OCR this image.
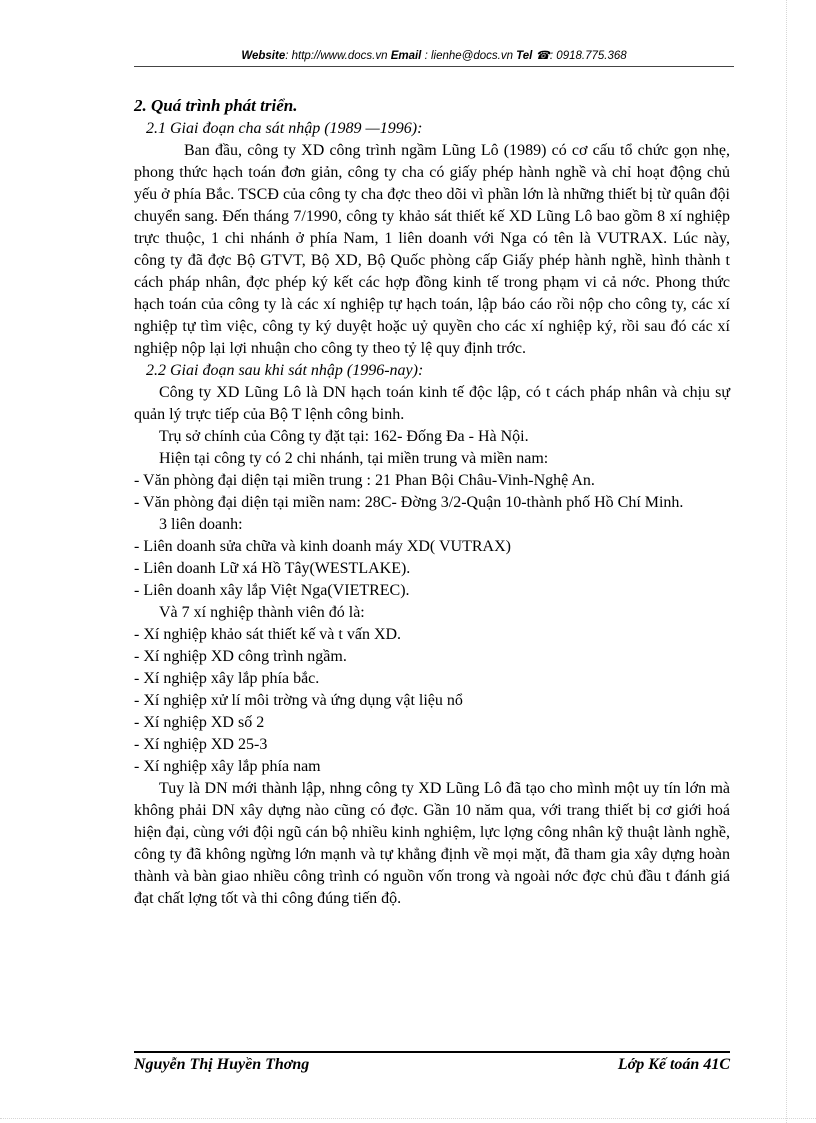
Website: http://www.docs.vn Email : lienhe@docs.vn Tel ☎: 0918.775.368

2. Quá trình phát triển.

2.1 Giai đoạn cha sát nhập (1989 —1996):

Ban đầu, công ty XD công trình ngầm Lũng Lô (1989) có cơ cấu tổ chức gọn nhẹ, phong thức hạch toán đơn giản, công ty cha có giấy phép hành nghề và chỉ hoạt động chủ yếu ở phía Bắc. TSCĐ của công ty cha đợc theo dõi vì phần lớn là những thiết bị từ quân đội chuyển sang. Đến tháng 7/1990, công ty khảo sát thiết kế XD Lũng Lô bao gồm 8 xí nghiệp trực thuộc, 1 chi nhánh ở phía Nam, 1 liên doanh với Nga có tên là VUTRAX. Lúc này, công ty đã đợc Bộ GTVT, Bộ XD, Bộ Quốc phòng cấp Giấy phép hành nghề, hình thành t cách pháp nhân, đợc phép ký kết các hợp đồng kinh tế trong phạm vi cả nớc. Phong thức hạch toán của công ty là các xí nghiệp tự hạch toán, lập báo cáo rồi nộp cho công ty, các xí nghiệp tự tìm việc, công ty ký duyệt hoặc uỷ quyền cho các xí nghiệp ký, rồi sau đó các xí nghiệp nộp lại lợi nhuận cho công ty theo tỷ lệ quy định trớc.

2.2 Giai đoạn sau khi sát nhập (1996-nay):

Công ty XD Lũng Lô là DN hạch toán kinh tế độc lập, có t cách pháp nhân và chịu sự quản lý trực tiếp của Bộ T lệnh công binh.

Trụ sở chính của Công ty đặt tại: 162- Đống Đa - Hà Nội.

Hiện tại công ty có 2 chi nhánh, tại miền trung và miền nam:

- Văn phòng đại diện tại miền trung : 21 Phan Bội Châu-Vinh-Nghệ An.

- Văn phòng đại diện tại miền nam: 28C- Đờng 3/2-Quận 10-thành phố Hồ Chí Minh.

3 liên doanh:

- Liên doanh sửa chữa và kinh doanh máy XD( VUTRAX)

- Liên doanh Lữ xá Hồ Tây(WESTLAKE).

- Liên doanh xây lắp Việt Nga(VIETREC).

Và 7 xí nghiệp thành viên đó là:

- Xí nghiệp khảo sát thiết kế và t vấn XD.

- Xí nghiệp XD công trình ngầm.

- Xí nghiệp xây lắp phía bắc.

- Xí nghiệp xử lí môi trờng và ứng dụng vật liệu nổ

- Xí nghiệp XD số 2

- Xí nghiệp XD 25-3

- Xí nghiệp xây lắp phía nam

Tuy là DN mới thành lập, nhng công ty XD Lũng Lô đã tạo cho mình một uy tín lớn mà không phải DN xây dựng nào cũng có đợc. Gần 10 năm qua, với trang thiết bị cơ giới hoá hiện đại, cùng với đội ngũ cán bộ nhiều kinh nghiệm, lực lợng công nhân kỹ thuật lành nghề, công ty đã không ngừng lớn mạnh và tự khẳng định về mọi mặt, đã tham gia xây dựng hoàn thành và bàn giao nhiều công trình có nguồn vốn trong và ngoài nớc đợc chủ đầu t đánh giá đạt chất lợng tốt và thi công đúng tiến độ.

Nguyễn Thị Huyền Thơng	Lớp Kế toán 41C
